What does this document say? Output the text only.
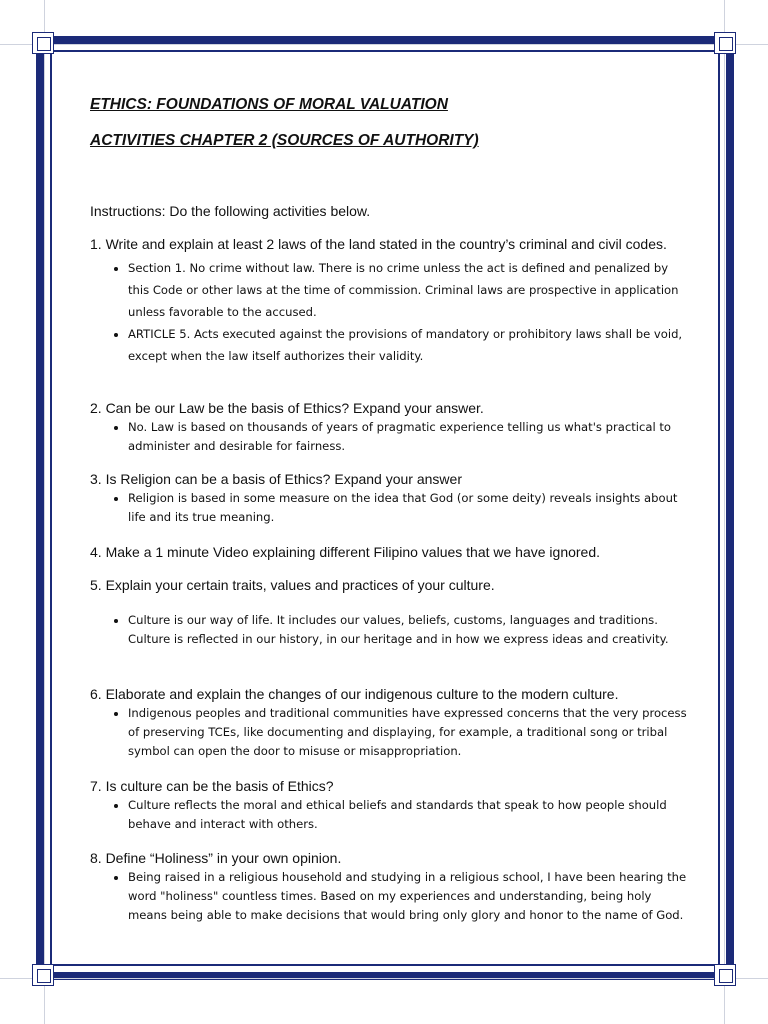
ETHICS: FOUNDATIONS OF MORAL VALUATION

ACTIVITIES CHAPTER 2 (SOURCES OF AUTHORITY)

Instructions: Do the following activities below.

1. Write and explain at least 2 laws of the land stated in the country’s criminal and civil codes.

• Section 1. No crime without law. There is no crime unless the act is defined and penalized by this Code or other laws at the time of commission. Criminal laws are prospective in application unless favorable to the accused.
• ARTICLE 5. Acts executed against the provisions of mandatory or prohibitory laws shall be void, except when the law itself authorizes their validity.

2. Can be our Law be the basis of Ethics? Expand your answer.

• No. Law is based on thousands of years of pragmatic experience telling us what's practical to administer and desirable for fairness.

3. Is Religion can be a basis of Ethics? Expand your answer

• Religion is based in some measure on the idea that God (or some deity) reveals insights about life and its true meaning.

4. Make a 1 minute Video explaining different Filipino values that we have ignored.

5. Explain your certain traits, values and practices of your culture.

• Culture is our way of life. It includes our values, beliefs, customs, languages and traditions. Culture is reflected in our history, in our heritage and in how we express ideas and creativity.

6. Elaborate and explain the changes of our indigenous culture to the modern culture.

• Indigenous peoples and traditional communities have expressed concerns that the very process of preserving TCEs, like documenting and displaying, for example, a traditional song or tribal symbol can open the door to misuse or misappropriation.

7. Is culture can be the basis of Ethics?

• Culture reflects the moral and ethical beliefs and standards that speak to how people should behave and interact with others.

8. Define “Holiness” in your own opinion.

• Being raised in a religious household and studying in a religious school, I have been hearing the word "holiness" countless times. Based on my experiences and understanding, being holy means being able to make decisions that would bring only glory and honor to the name of God.
